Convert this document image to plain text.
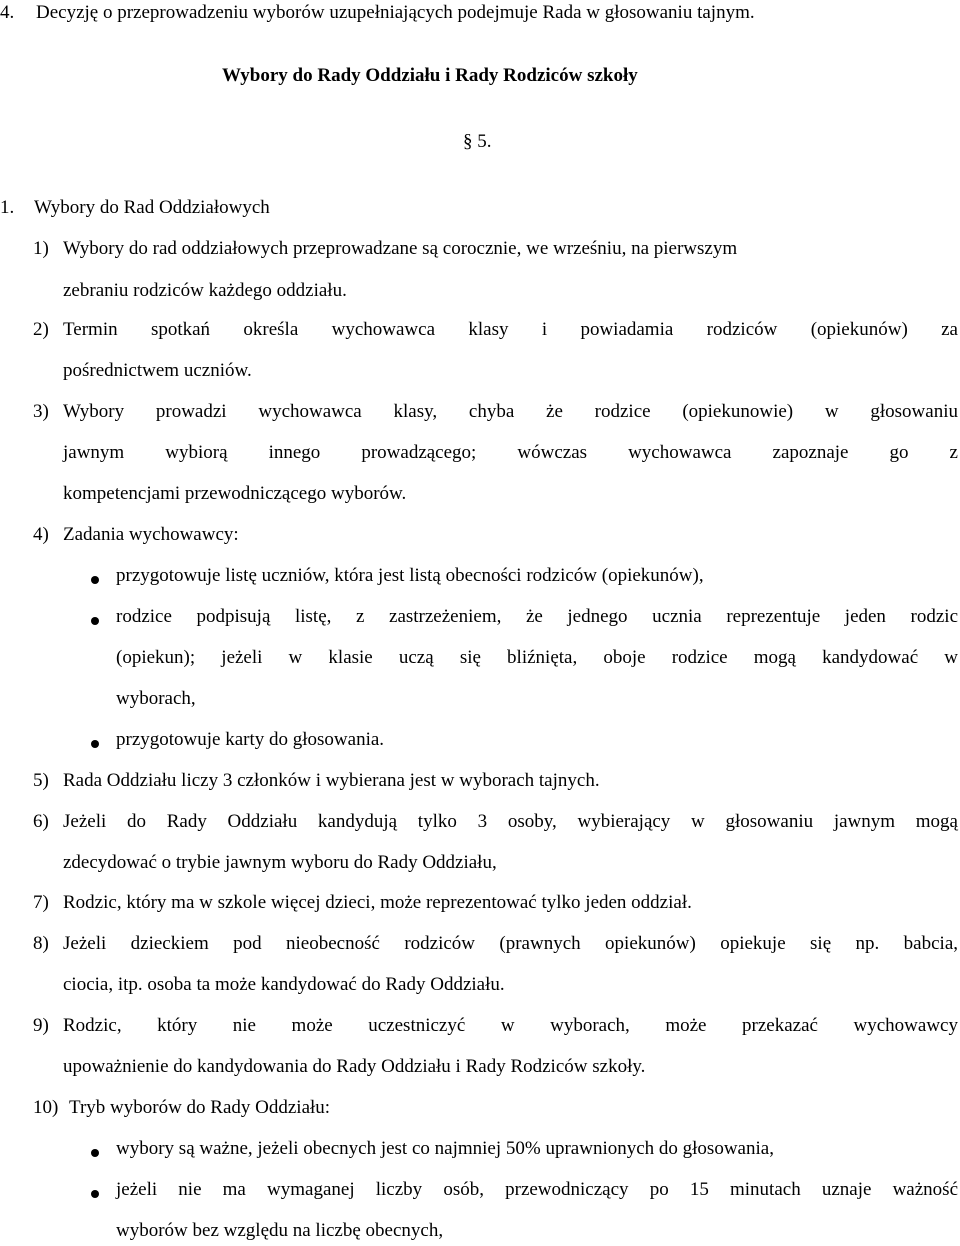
4. Decyzję o przeprowadzeniu wyborów uzupełniających podejmuje Rada w głosowaniu tajnym.
Wybory do Rady Oddziału i Rady Rodziców szkoły
§ 5.
1. Wybory do Rad Oddziałowych
1) Wybory do rad oddziałowych przeprowadzane są corocznie, we wrześniu, na pierwszym
zebraniu rodziców każdego oddziału.
2) Termin spotkań określa wychowawca klasy i powiadamia rodziców (opiekunów) za
pośrednictwem uczniów.
3) Wybory prowadzi wychowawca klasy, chyba że rodzice (opiekunowie) w głosowaniu
jawnym wybiorą innego prowadzącego; wówczas wychowawca zapoznaje go z
kompetencjami przewodniczącego wyborów.
4) Zadania wychowawcy:
przygotowuje listę uczniów, która jest listą obecności rodziców (opiekunów),
rodzice podpisują listę, z zastrzeżeniem, że jednego ucznia reprezentuje jeden rodzic
(opiekun); jeżeli w klasie uczą się bliźnięta, oboje rodzice mogą kandydować w
wyborach,
przygotowuje karty do głosowania.
5) Rada Oddziału liczy 3 członków i wybierana jest w wyborach tajnych.
6) Jeżeli do Rady Oddziału kandydują tylko 3 osoby, wybierający w głosowaniu jawnym mogą
zdecydować o trybie jawnym wyboru do Rady Oddziału,
7) Rodzic, który ma w szkole więcej dzieci, może reprezentować tylko jeden oddział.
8) Jeżeli dzieckiem pod nieobecność rodziców (prawnych opiekunów) opiekuje się np. babcia,
ciocia, itp. osoba ta może kandydować do Rady Oddziału.
9) Rodzic, który nie może uczestniczyć w wyborach, może przekazać wychowawcy
upoważnienie do kandydowania do Rady Oddziału i Rady Rodziców szkoły.
10) Tryb wyborów do Rady Oddziału:
wybory są ważne, jeżeli obecnych jest co najmniej 50% uprawnionych do głosowania,
jeżeli nie ma wymaganej liczby osób, przewodniczący po 15 minutach uznaje ważność
wyborów bez względu na liczbę obecnych,
